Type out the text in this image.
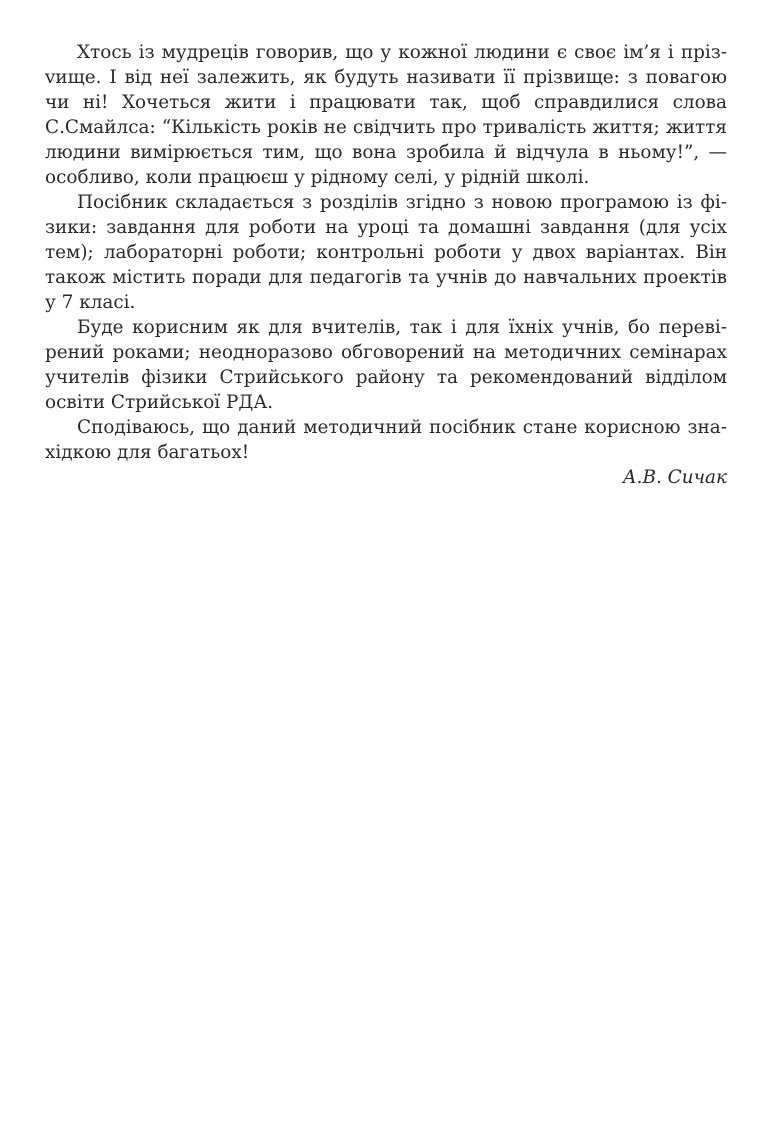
Хтось із мудреців говорив, що у кожної людини є своє ім’я і прізvище. І від неї залежить, як будуть називати її прізвище: з повагою чи ні! Хочеться жити і працювати так, щоб справдилися слова С.Смайлса: “Кількість років не свідчить про тривалість життя; життя людини вимірюється тим, що вона зробила й відчула в ньому!”, — особливо, коли працюєш у рідному селі, у рідній школі.

Посібник складається з розділів згідно з новою програмою із фізики: завдання для роботи на уроці та домашні завдання (для усіх тем); лабораторні роботи; контрольні роботи у двох варіантах. Він також містить поради для педагогів та учнів до навчальних проектів у 7 класі.

Буде корисним як для вчителів, так і для їхніх учнів, бо перевірений роками; неодноразово обговорений на методичних семінарах учителів фізики Стрийського району та рекомендований відділом освіти Стрийської РДА.

Сподіваюсь, що даний методичний посібник стане корисною знахідкою для багатьох!

А.В. Сичак
